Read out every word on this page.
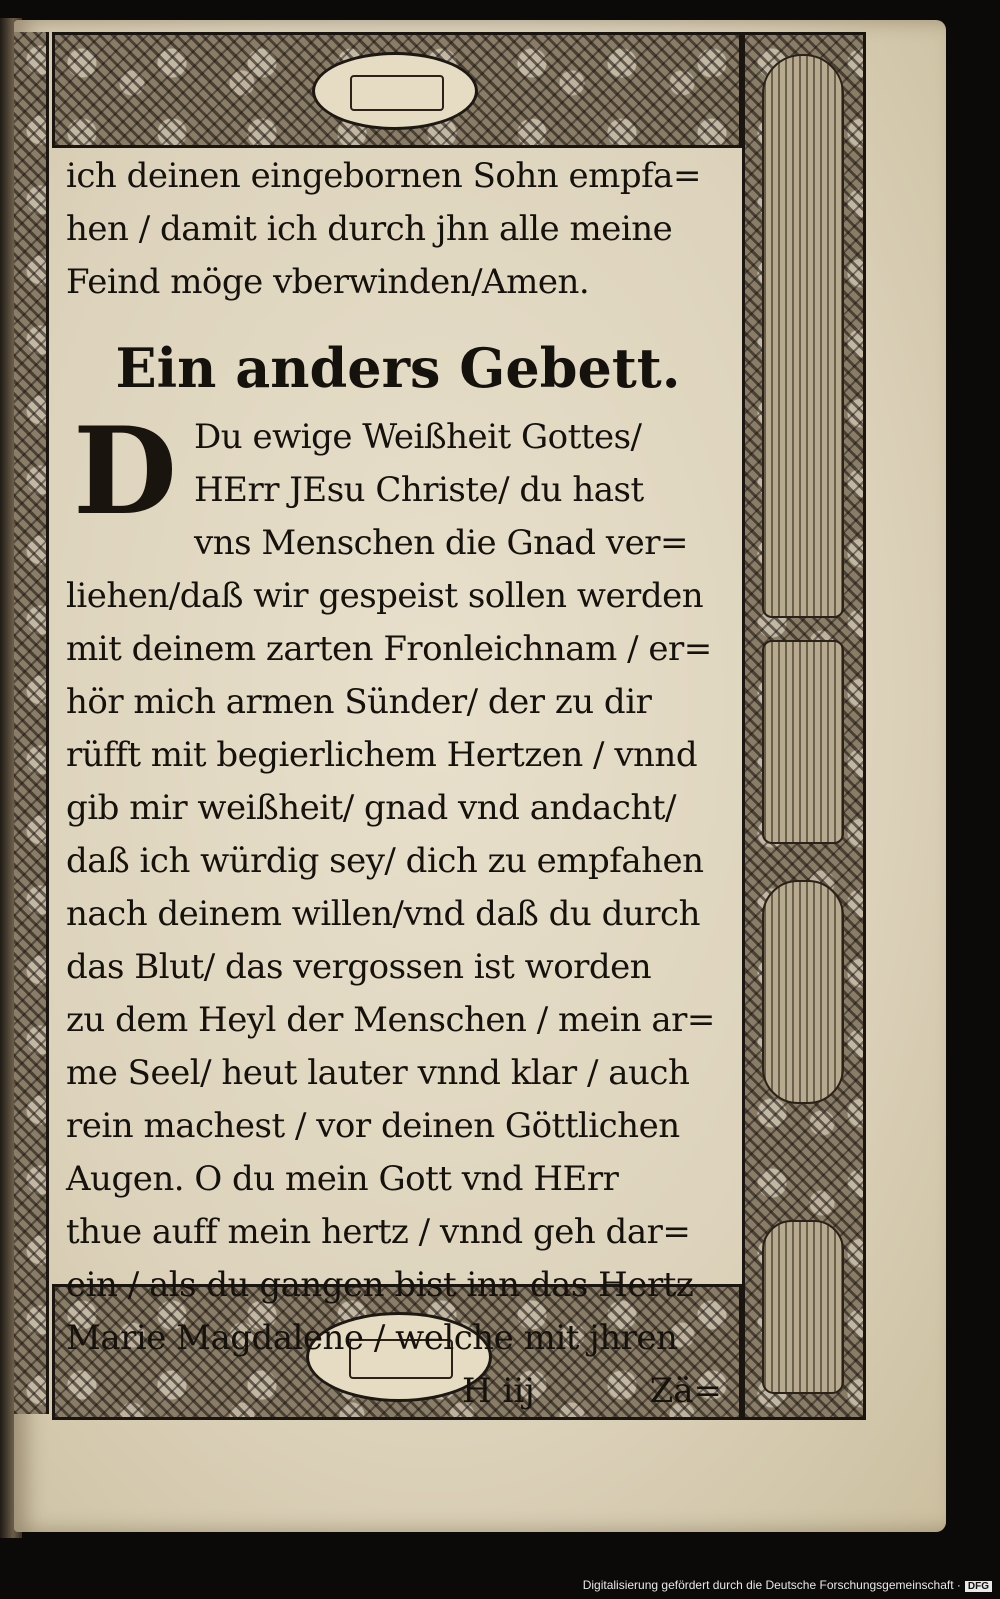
ich deinen eingebornen Sohn empfa=
hen / damit ich durch jhn alle meine
Feind möge vberwinden/Amen.
Ein anders Gebett.
D Du ewige Weißheit Gottes/
HErr JEsu Christe/ du hast
vns Menschen die Gnad ver=
liehen/daß wir gespeist sollen werden
mit deinem zarten Fronleichnam / er=
hör mich armen Sünder/ der zu dir
rüfft mit begierlichem Hertzen / vnnd
gib mir weißheit/ gnad vnd andacht/
daß ich würdig sey/ dich zu empfahen
nach deinem willen/vnd daß du durch
das Blut/ das vergossen ist worden
zu dem Heyl der Menschen / mein ar=
me Seel/ heut lauter vnnd klar / auch
rein machest / vor deinen Göttlichen
Augen. O du mein Gott vnd HErr
thue auff mein hertz / vnnd geh dar=
ein / als du gangen bist inn das Hertz
Marie Magdalene / welche mit jhren
H iij	Zä=
Digitalisierung gefördert durch die Deutsche Forschungsgemeinschaft · DFG
